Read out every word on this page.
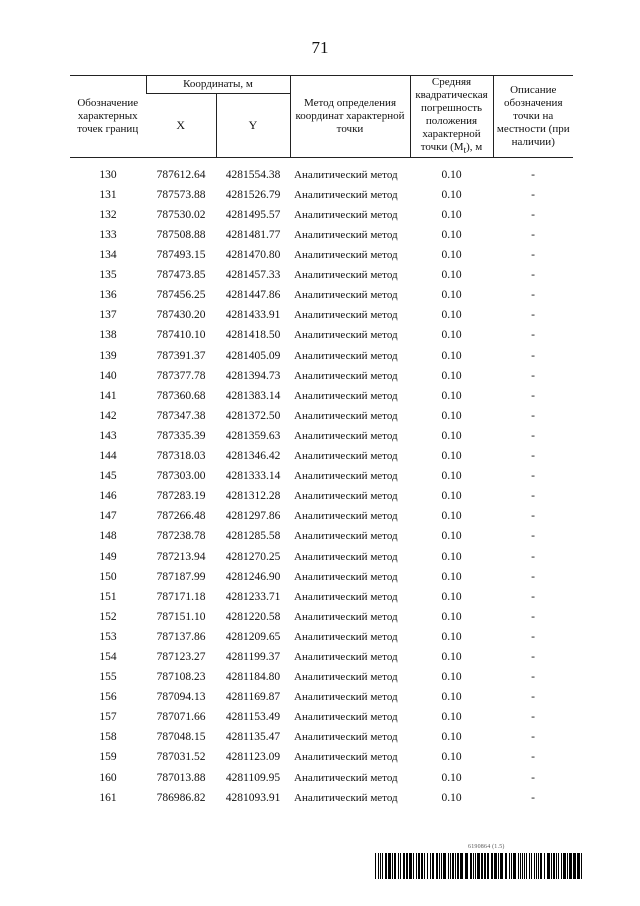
71
Обозначение характерных точек границ	Координаты, м		Метод определения координат характерной точки	Средняя квадратическая погрешность положения характерной точки $(M_t)$, м	Описание обозначения точки на местности (при наличии)
	X	Y			

130	787612.64	4281554.38	Аналитический метод	0.10	-
131	787573.88	4281526.79	Аналитический метод	0.10	-
132	787530.02	4281495.57	Аналитический метод	0.10	-
133	787508.88	4281481.77	Аналитический метод	0.10	-
134	787493.15	4281470.80	Аналитический метод	0.10	-
135	787473.85	4281457.33	Аналитический метод	0.10	-
136	787456.25	4281447.86	Аналитический метод	0.10	-
137	787430.20	4281433.91	Аналитический метод	0.10	-
138	787410.10	4281418.50	Аналитический метод	0.10	-
139	787391.37	4281405.09	Аналитический метод	0.10	-
140	787377.78	4281394.73	Аналитический метод	0.10	-
141	787360.68	4281383.14	Аналитический метод	0.10	-
142	787347.38	4281372.50	Аналитический метод	0.10	-
143	787335.39	4281359.63	Аналитический метод	0.10	-
144	787318.03	4281346.42	Аналитический метод	0.10	-
145	787303.00	4281333.14	Аналитический метод	0.10	-
146	787283.19	4281312.28	Аналитический метод	0.10	-
147	787266.48	4281297.86	Аналитический метод	0.10	-
148	787238.78	4281285.58	Аналитический метод	0.10	-
149	787213.94	4281270.25	Аналитический метод	0.10	-
150	787187.99	4281246.90	Аналитический метод	0.10	-
151	787171.18	4281233.71	Аналитический метод	0.10	-
152	787151.10	4281220.58	Аналитический метод	0.10	-
153	787137.86	4281209.65	Аналитический метод	0.10	-
154	787123.27	4281199.37	Аналитический метод	0.10	-
155	787108.23	4281184.80	Аналитический метод	0.10	-
156	787094.13	4281169.87	Аналитический метод	0.10	-
157	787071.66	4281153.49	Аналитический метод	0.10	-
158	787048.15	4281135.47	Аналитический метод	0.10	-
159	787031.52	4281123.09	Аналитический метод	0.10	-
160	787013.88	4281109.95	Аналитический метод	0.10	-
161	786986.82	4281093.91	Аналитический метод	0.10	-
6190864 (1.5)
